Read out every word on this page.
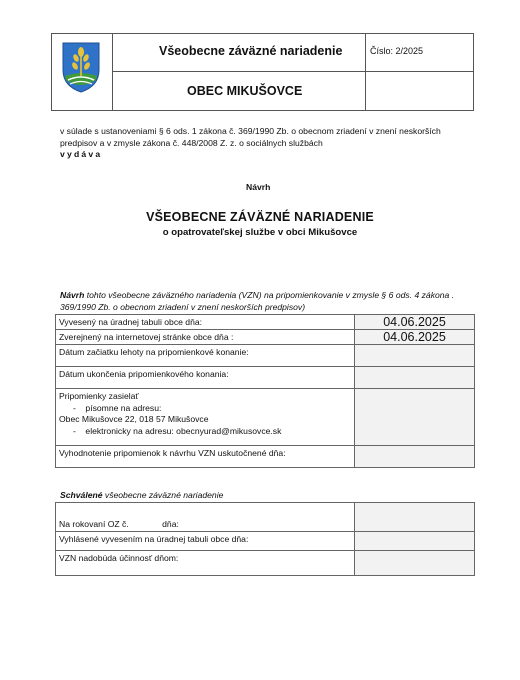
Všeobecne záväzné nariadenie
OBEC MIKUŠOVCE
Číslo: 2/2025
v súlade s ustanoveniami § 6 ods. 1 zákona č. 369/1990 Zb. o obecnom zriadení v znení neskorších predpisov a v zmysle zákona č. 448/2008 Z. z. o sociálnych službách
vydáva
Návrh
VŠEOBECNE ZÁVÄZNÉ NARIADENIE
o opatrovateľskej službe v obci Mikušovce
Návrh tohto všeobecne záväzného nariadenia (VZN) na pripomienkovanie v zmysle § 6 ods. 4 zákona . 369/1990 Zb. o obecnom zriadení v znení neskorších predpisov)
Vyvesený na úradnej tabuli obce dňa:	04.06.2025
Zverejnený na internetovej stránke obce dňa :	04.06.2025
Dátum začiatku lehoty na pripomienkové konanie:	
Dátum ukončenia pripomienkového konania:	

Pripomienky zasielať
-    písomne na adresu:
Obec Mikušovce 22, 018 57 Mikušovce
-    elektronicky na adresu: obecnyurad@mikusovce.sk	

Vyhodnotenie pripomienok k návrhu VZN uskutočnené dňa:	
Schválené všeobecne záväzné nariadenie
Na rokovaní OZ č.              dňa:	
Vyhlásené vyvesením na úradnej tabuli obce dňa:	
VZN nadobúda účinnosť dňom:	
